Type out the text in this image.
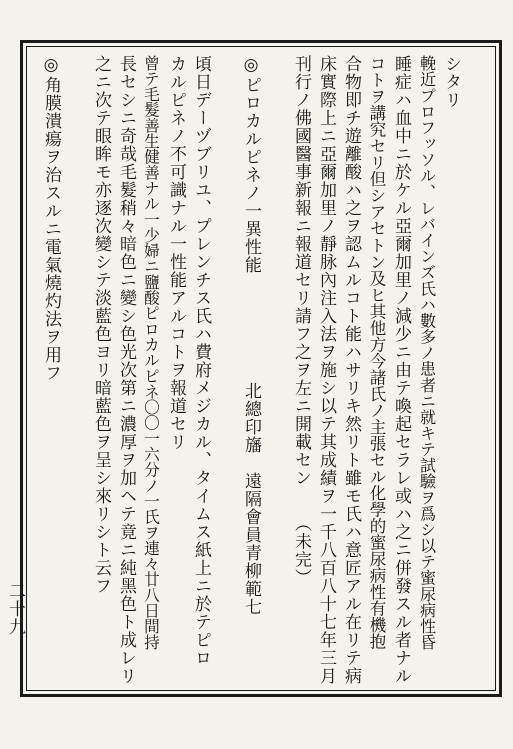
シタリ
輓近プロフッソル、レバインズ氏ハ數多ノ患者ニ就キテ試驗ヲ爲シ以テ蜜尿病性昏
睡症ハ血中ニ於ケル亞爾加里ノ減少ニ由テ喚起セラレ或ハ之ニ併發スル者ナル
コトヲ講究セリ但シアセトン及ヒ其他方今諸氏ノ主張セル化學的蜜尿病性有機抱
合物即チ遊離酸ハ之ヲ認ムルコト能ハサリキ然リト雖モ氏ハ意匠アル在リテ病
床實際上ニ亞爾加里ノ靜脉內注入法ヲ施シ以テ其成績ヲ一千八百八十七年三月
刊行ノ佛國醫事新報ニ報道セリ請フ之ヲ左ニ開載セン　　（未完）
◎ピロカルピネノ一異性能　　　　　　北總印旛　遠隔會員青柳範七
頃日デーヅブリユ、プレンチス氏ハ費府メジカル、タイムス紙上ニ於テピロ
カルピネノ不可識ナル一性能アルコトヲ報道セリ
曾テ毛髮善生健善ナル一少婦ニ鹽酸ピロカルピネ〇〇一六分ノ一氏ヲ連々廿八日間持
長セシニ奇哉毛髮稍々暗色ニ變シ色光次第ニ濃厚ヲ加ヘテ竟ニ純黑色ト成レリ
之ニ次テ眼眸モ亦逐次變シテ淡藍色ヨリ暗藍色ヲ呈シ來リシト云フ
◎角膜潰瘍ヲ治スルニ電氣燒灼法ヲ用フ
二十九
